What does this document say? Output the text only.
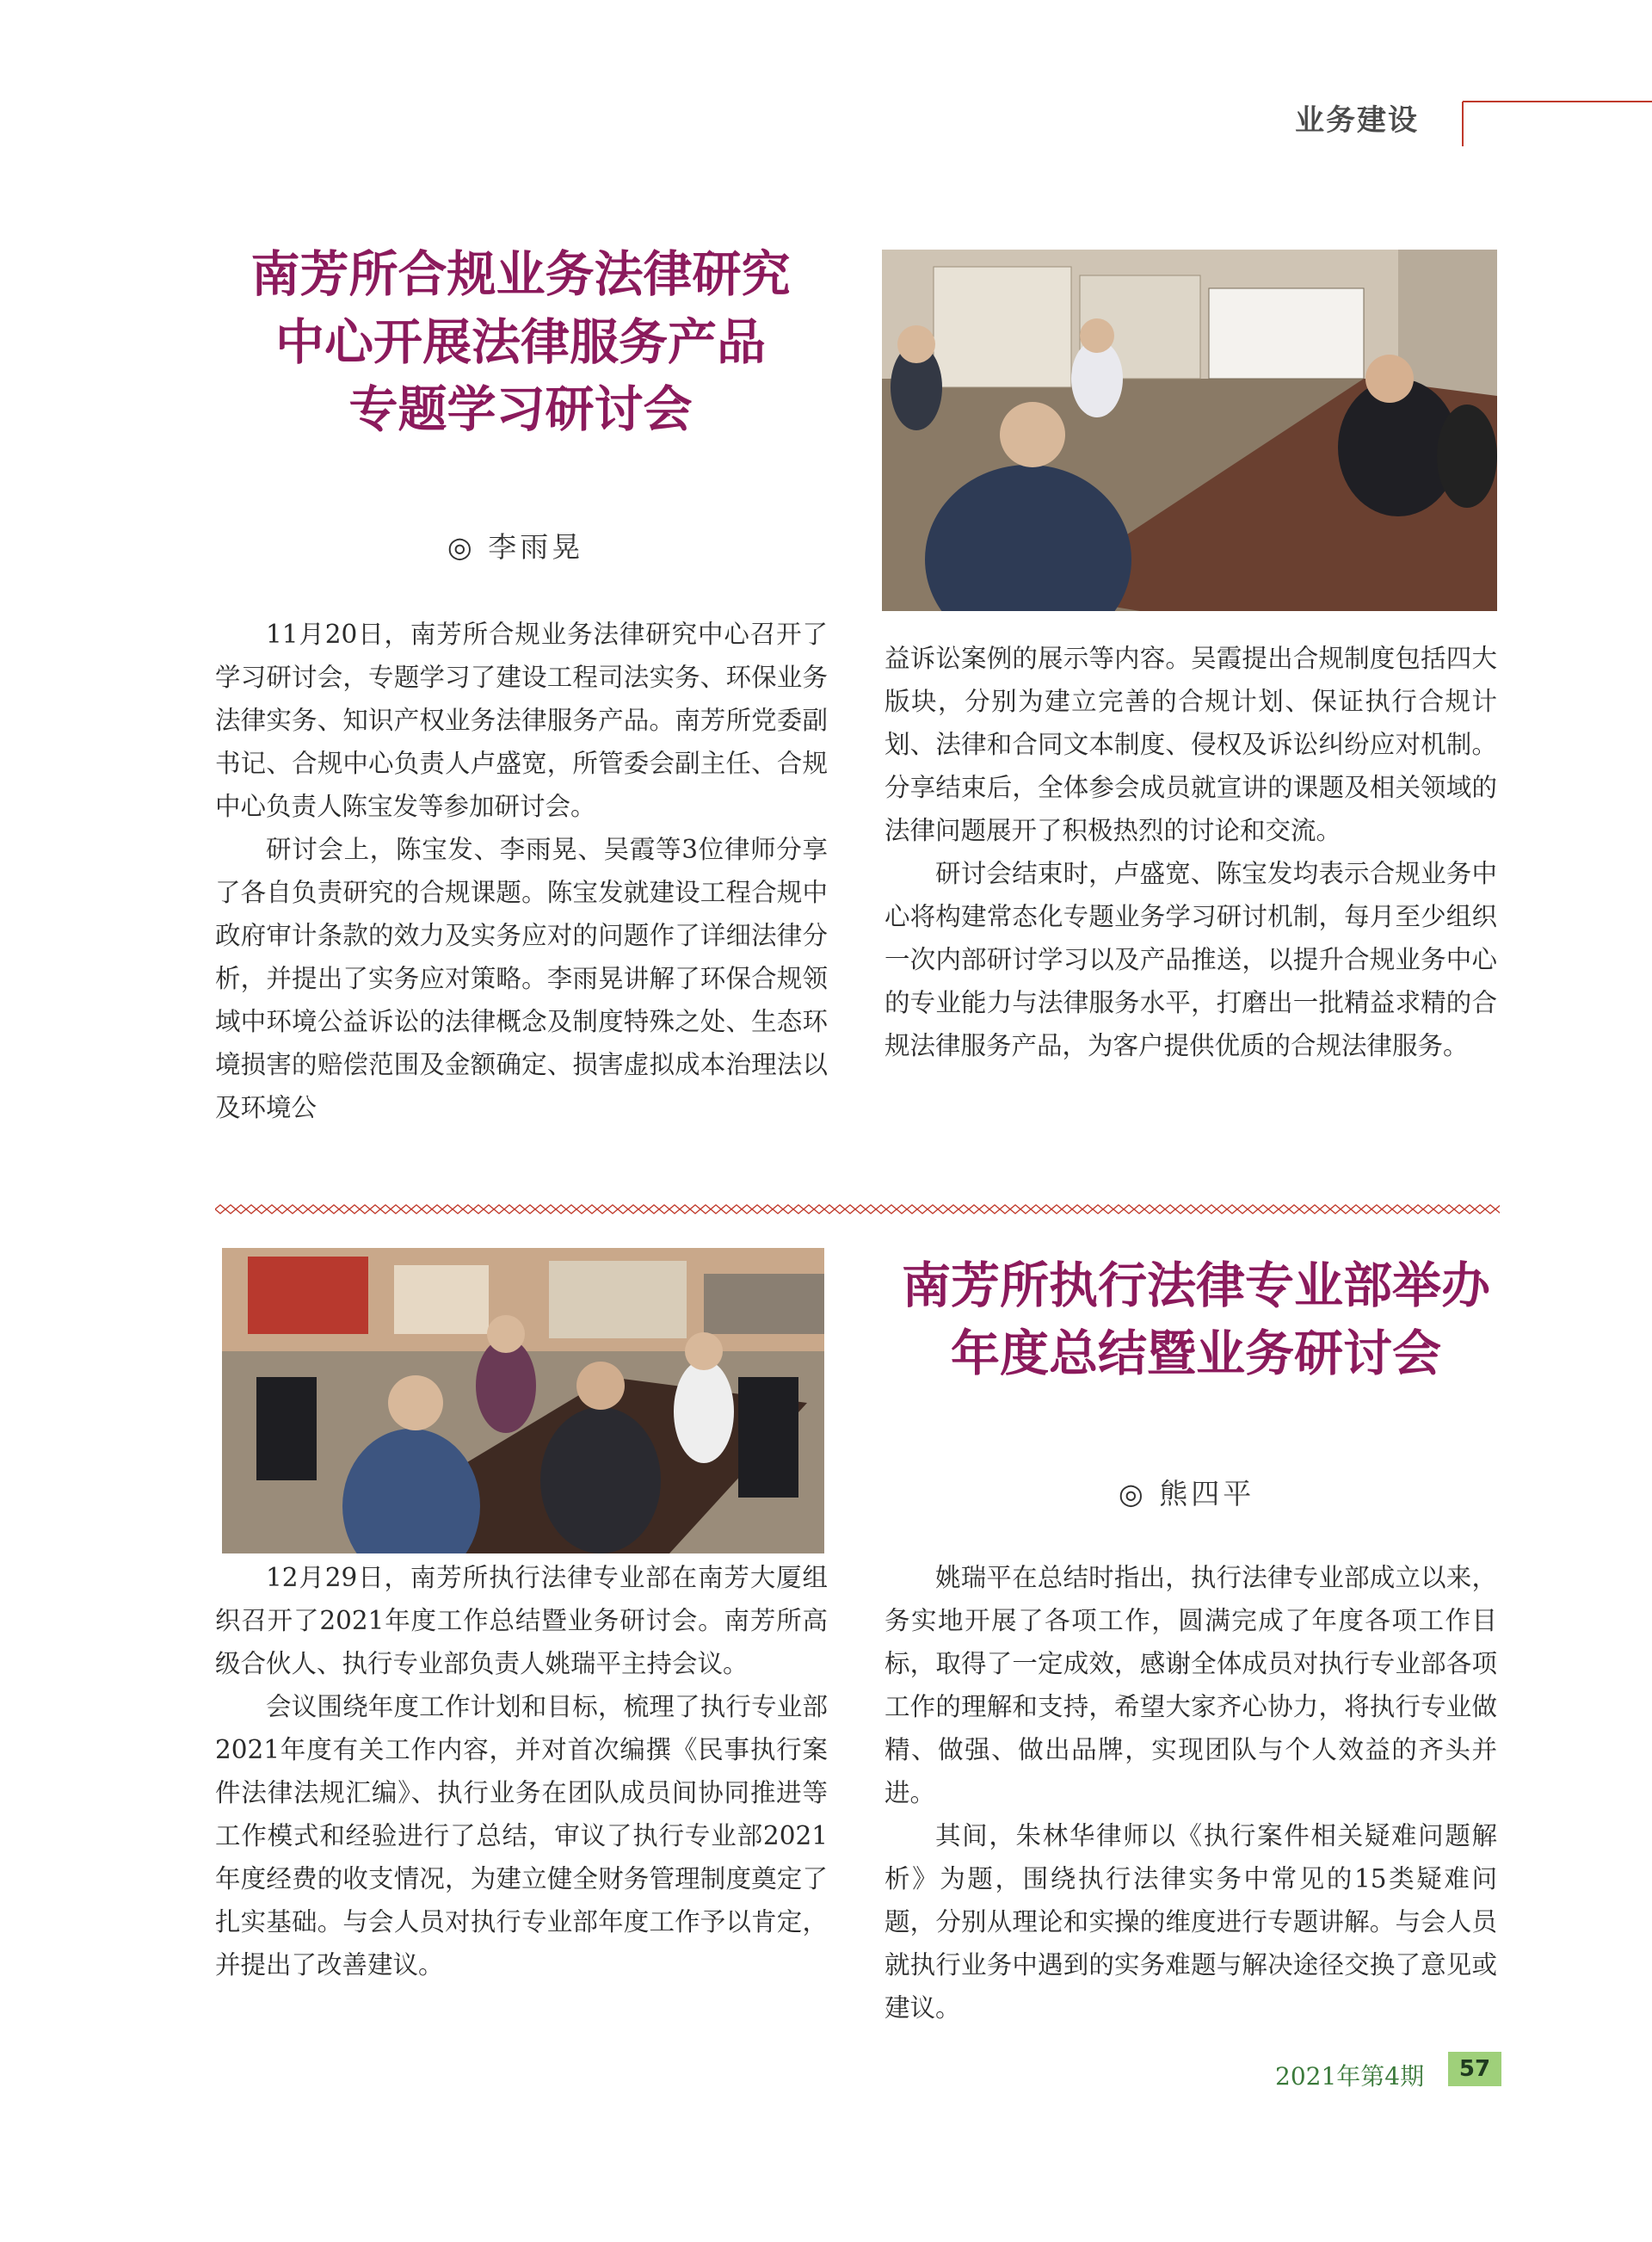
业务建设
南芳所合规业务法律研究
中心开展法律服务产品
专题学习研讨会
◎ 李雨晃

11月20日，南芳所合规业务法律研究中心召开了学习研讨会，专题学习了建设工程司法实务、环保业务法律实务、知识产权业务法律服务产品。南芳所党委副书记、合规中心负责人卢盛宽，所管委会副主任、合规中心负责人陈宝发等参加研讨会。

研讨会上，陈宝发、李雨晃、吴霞等3位律师分享了各自负责研究的合规课题。陈宝发就建设工程合规中政府审计条款的效力及实务应对的问题作了详细法律分析，并提出了实务应对策略。李雨晃讲解了环保合规领域中环境公益诉讼的法律概念及制度特殊之处、生态环境损害的赔偿范围及金额确定、损害虚拟成本治理法以及环境公

益诉讼案例的展示等内容。吴霞提出合规制度包括四大版块，分别为建立完善的合规计划、保证执行合规计划、法律和合同文本制度、侵权及诉讼纠纷应对机制。分享结束后，全体参会成员就宣讲的课题及相关领域的法律问题展开了积极热烈的讨论和交流。

研讨会结束时，卢盛宽、陈宝发均表示合规业务中心将构建常态化专题业务学习研讨机制，每月至少组织一次内部研讨学习以及产品推送，以提升合规业务中心的专业能力与法律服务水平，打磨出一批精益求精的合规法律服务产品，为客户提供优质的合规法律服务。

南芳所执行法律专业部举办
年度总结暨业务研讨会
◎ 熊四平

12月29日，南芳所执行法律专业部在南芳大厦组织召开了2021年度工作总结暨业务研讨会。南芳所高级合伙人、执行专业部负责人姚瑞平主持会议。

会议围绕年度工作计划和目标，梳理了执行专业部2021年度有关工作内容，并对首次编撰《民事执行案件法律法规汇编》、执行业务在团队成员间协同推进等工作模式和经验进行了总结，审议了执行专业部2021年度经费的收支情况，为建立健全财务管理制度奠定了扎实基础。与会人员对执行专业部年度工作予以肯定，并提出了改善建议。

姚瑞平在总结时指出，执行法律专业部成立以来，务实地开展了各项工作，圆满完成了年度各项工作目标，取得了一定成效，感谢全体成员对执行专业部各项工作的理解和支持，希望大家齐心协力，将执行专业做精、做强、做出品牌，实现团队与个人效益的齐头并进。

其间，朱林华律师以《执行案件相关疑难问题解析》为题，围绕执行法律实务中常见的15类疑难问题，分别从理论和实操的维度进行专题讲解。与会人员就执行业务中遇到的实务难题与解决途径交换了意见或建议。

2021年第4期	57
